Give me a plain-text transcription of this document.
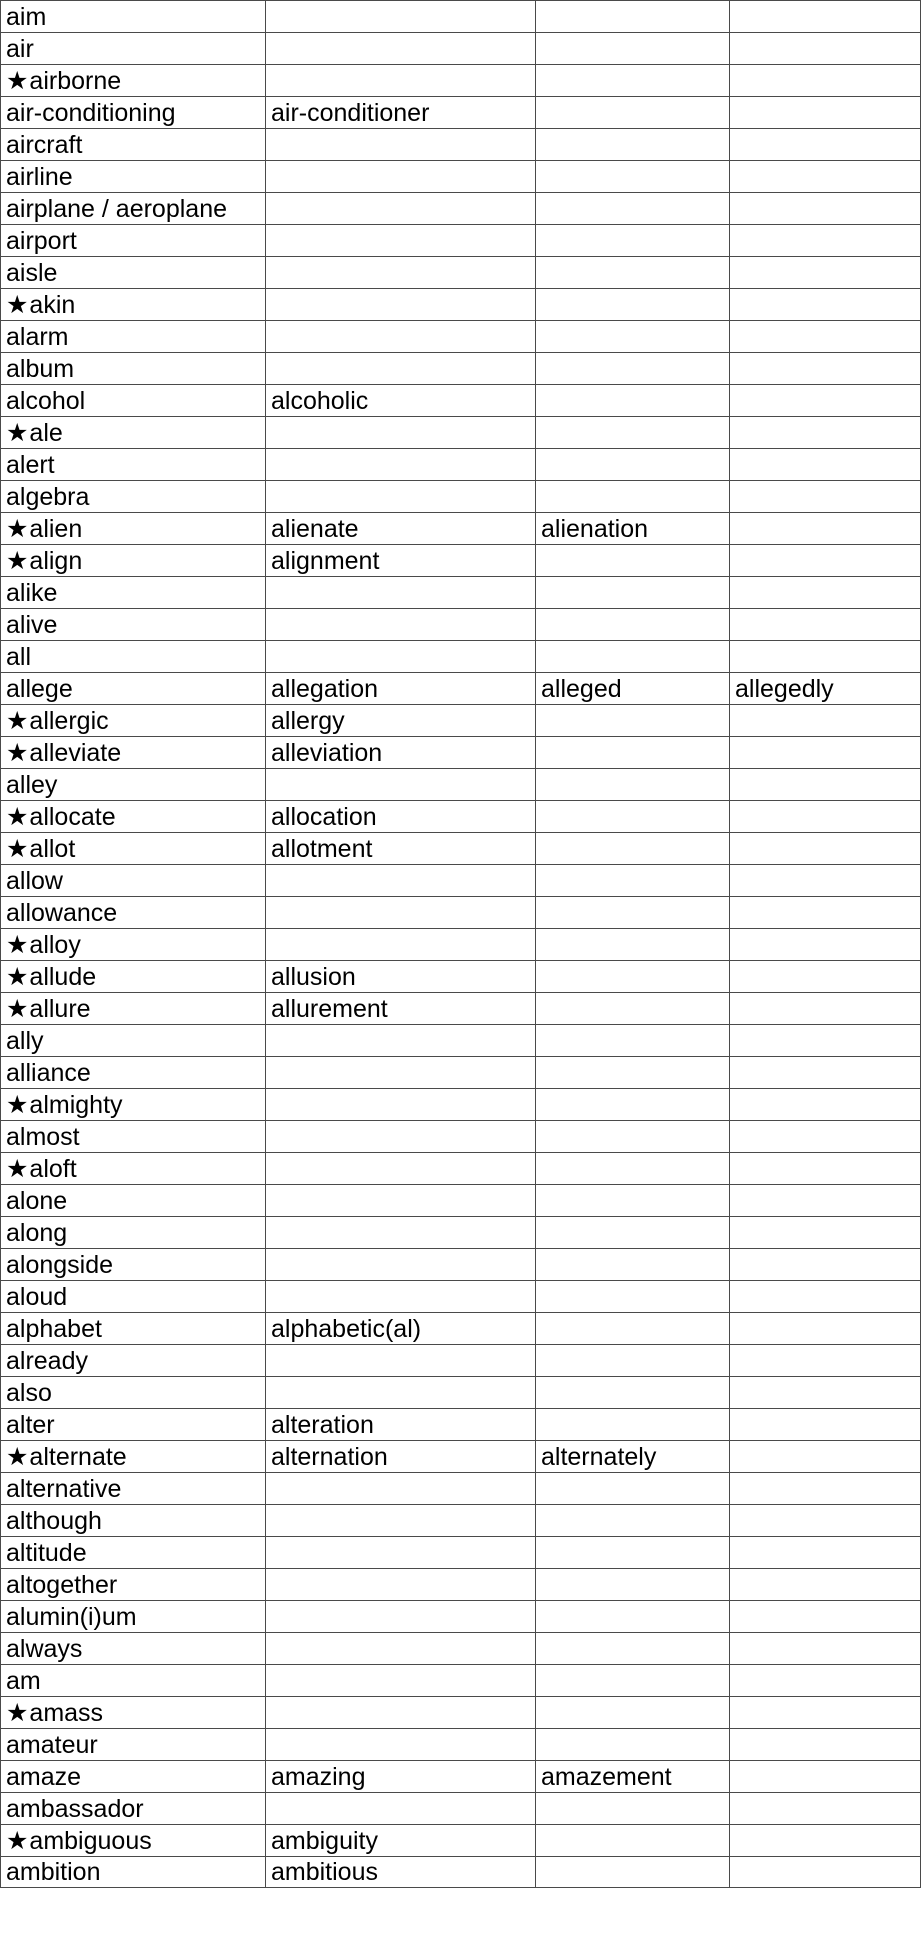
aim			
air			
★airborne			
air-conditioning	air-conditioner		
aircraft			
airline			
airplane / aeroplane			
airport			
aisle			
★akin			
alarm			
album			
alcohol	alcoholic		
★ale			
alert			
algebra			
★alien	alienate	alienation	
★align	alignment		
alike			
alive			
all			
allege	allegation	alleged	allegedly
★allergic	allergy		
★alleviate	alleviation		
alley			
★allocate	allocation		
★allot	allotment		
allow			
allowance			
★alloy			
★allude	allusion		
★allure	allurement		
ally			
alliance			
★almighty			
almost			
★aloft			
alone			
along			
alongside			
aloud			
alphabet	alphabetic(al)		
already			
also			
alter	alteration		
★alternate	alternation	alternately	
alternative			
although			
altitude			
altogether			
alumin(i)um			
always			
am			
★amass			
amateur			
amaze	amazing	amazement	
ambassador			
★ambiguous	ambiguity		
ambition	ambitious		
